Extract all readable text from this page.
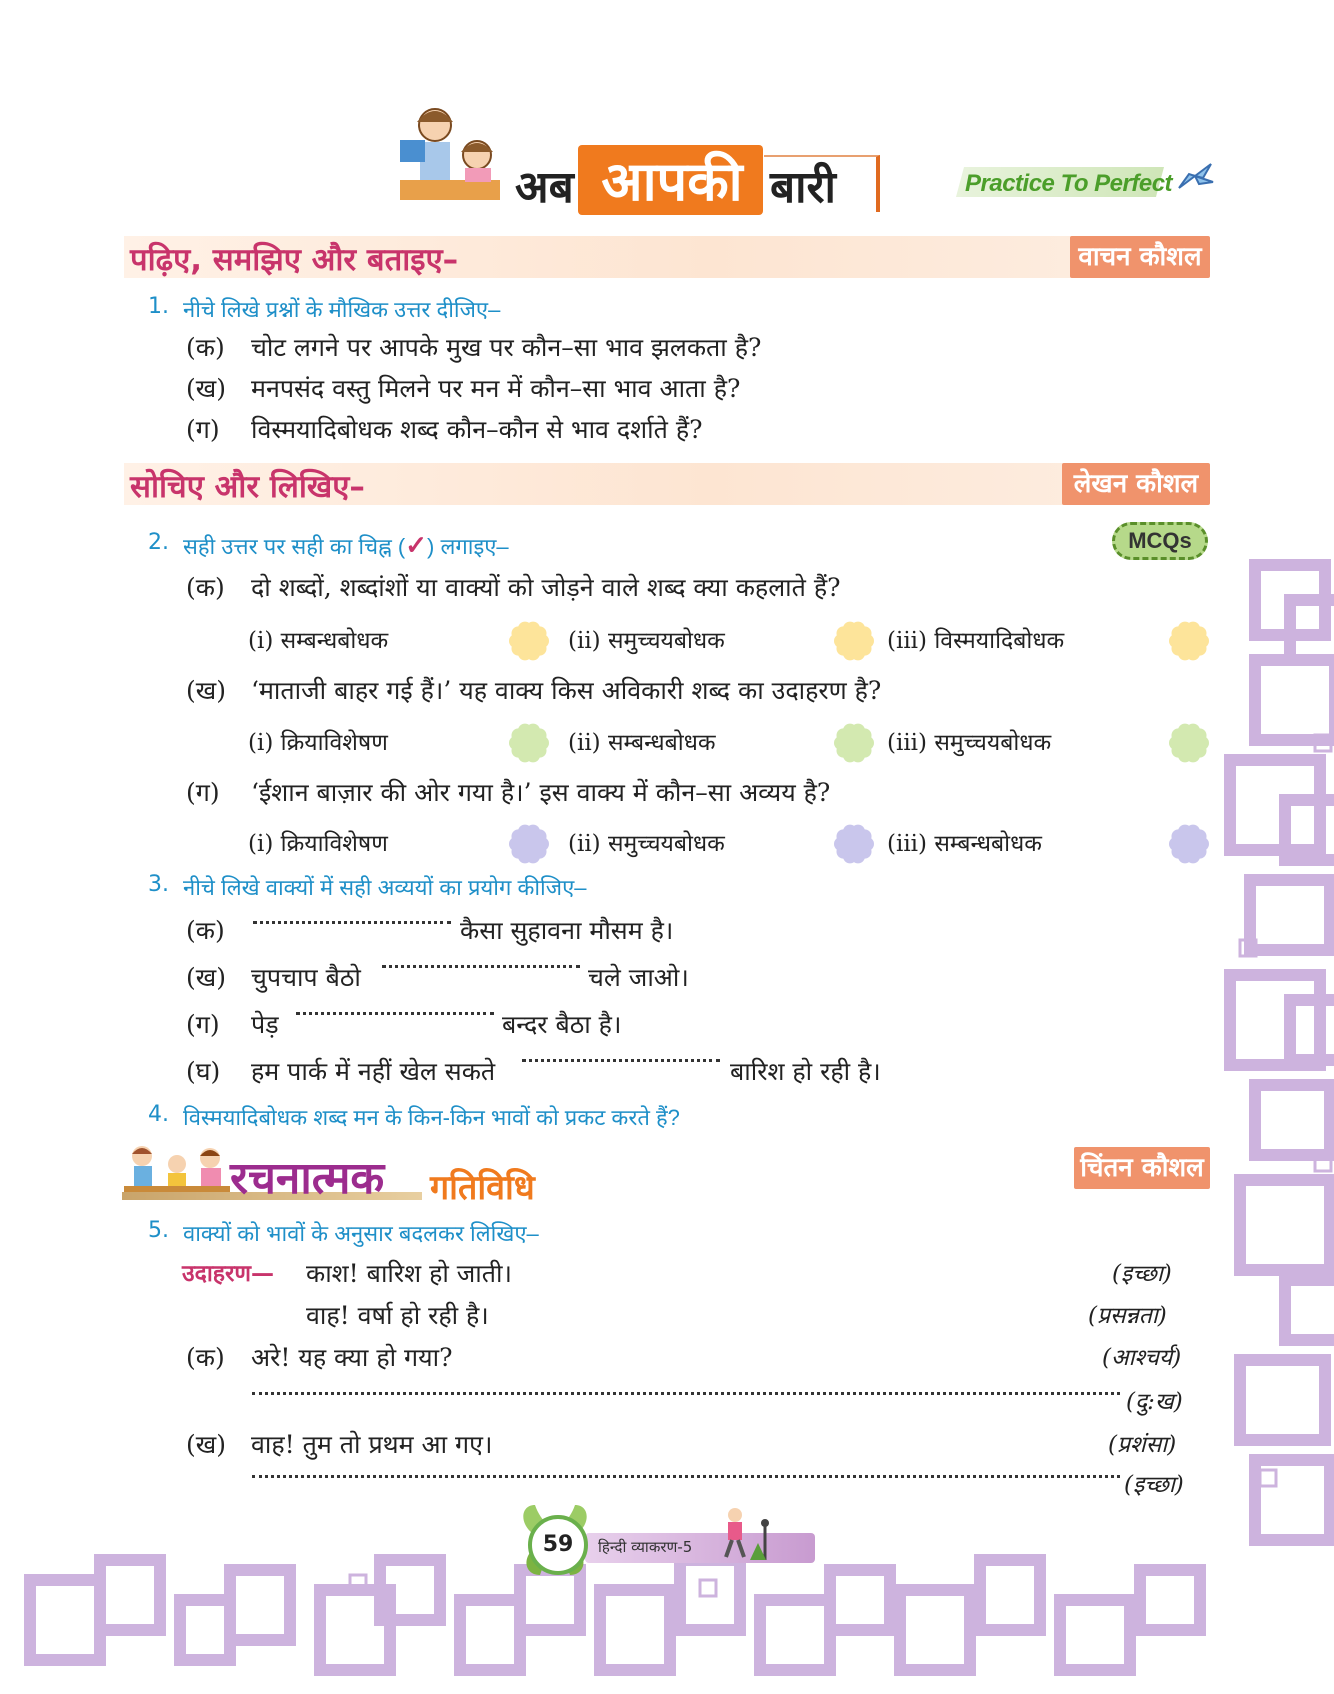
अब आपकी बारी	Practice To Perfect
पढ़िए, समझिए और बताइए–	वाचन कौशल
1. नीचे लिखे प्रश्नों के मौखिक उत्तर दीजिए–
(क) चोट लगने पर आपके मुख पर कौन–सा भाव झलकता है?
(ख) मनपसंद वस्तु मिलने पर मन में कौन–सा भाव आता है?
(ग) विस्मयादिबोधक शब्द कौन–कौन से भाव दर्शाते हैं?
सोचिए और लिखिए–	लेखन कौशल
2. सही उत्तर पर सही का चिह्न (✓) लगाइए–	MCQs
(क) दो शब्दों, शब्दांशों या वाक्यों को जोड़ने वाले शब्द क्या कहलाते हैं?
(i) सम्बन्धबोधक	(ii) समुच्चयबोधक	(iii) विस्मयादिबोधक
(ख) ‘माताजी बाहर गई हैं।’ यह वाक्य किस अविकारी शब्द का उदाहरण है?
(i) क्रियाविशेषण	(ii) सम्बन्धबोधक	(iii) समुच्चयबोधक
(ग) ‘ईशान बाज़ार की ओर गया है।’ इस वाक्य में कौन–सा अव्यय है?
(i) क्रियाविशेषण	(ii) समुच्चयबोधक	(iii) सम्बन्धबोधक
3. नीचे लिखे वाक्यों में सही अव्ययों का प्रयोग कीजिए–
(क)	कैसा सुहावना मौसम है।
(ख) चुपचाप बैठो	चले जाओ।
(ग) पेड़	बन्दर बैठा है।
(घ) हम पार्क में नहीं खेल सकते	बारिश हो रही है।
4. विस्मयादिबोधक शब्द मन के किन-किन भावों को प्रकट करते हैं?
रचनात्मक गतिविधि	चिंतन कौशल
5. वाक्यों को भावों के अनुसार बदलकर लिखिए–
उदाहरण— काश! बारिश हो जाती।	(इच्छा)
वाह! वर्षा हो रही है।	(प्रसन्नता)
(क) अरे! यह क्या हो गया?	(आश्चर्य)
(दु:ख)
(ख) वाह! तुम तो प्रथम आ गए।	(प्रशंसा)
(इच्छा)
59	हिन्दी व्याकरण-5
